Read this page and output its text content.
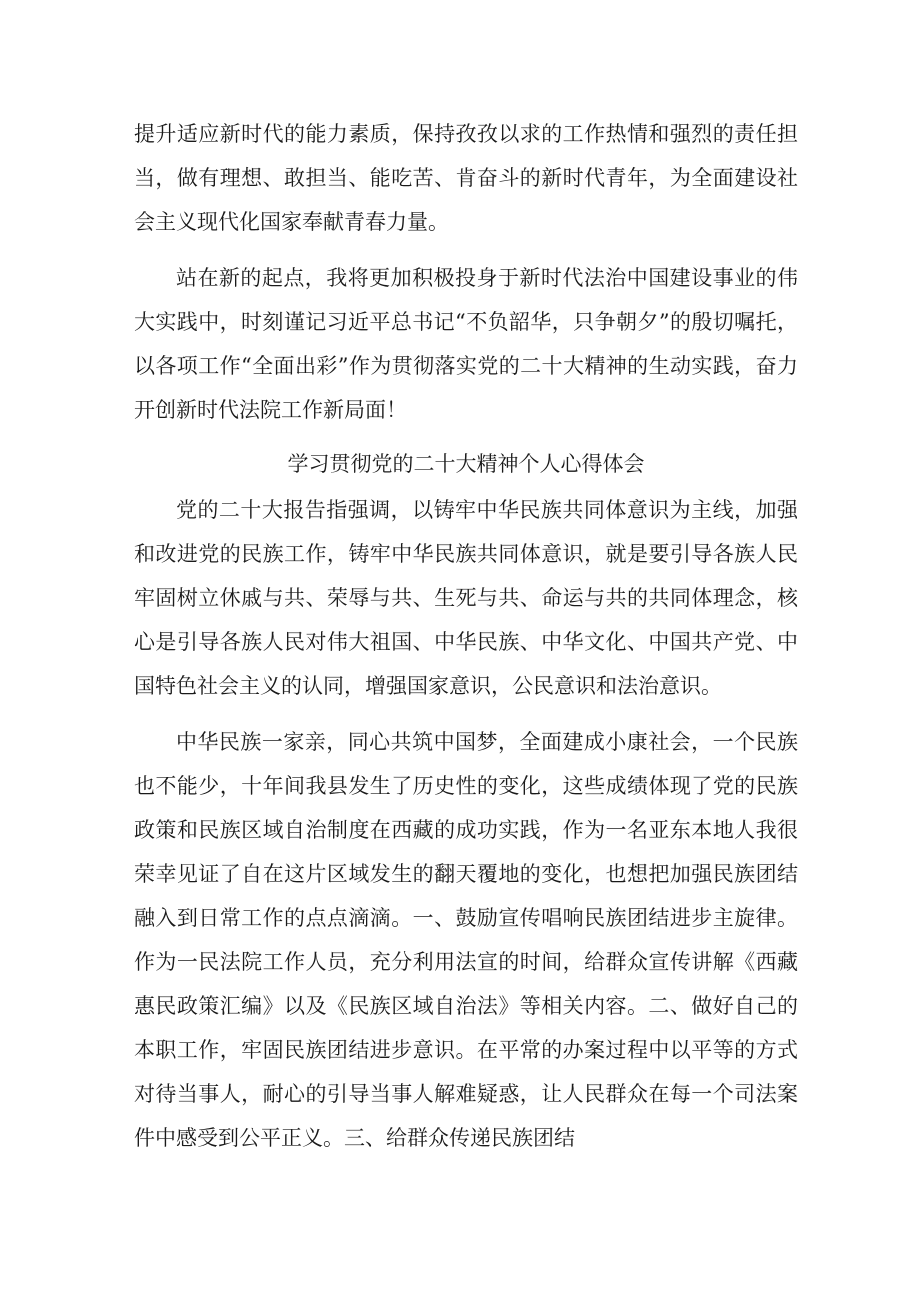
提升适应新时代的能力素质，保持孜孜以求的工作热情和强烈的责任担当，做有理想、敢担当、能吃苦、肯奋斗的新时代青年，为全面建设社会主义现代化国家奉献青春力量。

站在新的起点，我将更加积极投身于新时代法治中国建设事业的伟大实践中，时刻谨记习近平总书记“不负韶华，只争朝夕”的殷切嘱托，以各项工作“全面出彩”作为贯彻落实党的二十大精神的生动实践，奋力开创新时代法院工作新局面！

学习贯彻党的二十大精神个人心得体会

党的二十大报告指强调，以铸牢中华民族共同体意识为主线，加强和改进党的民族工作，铸牢中华民族共同体意识，就是要引导各族人民牢固树立休戚与共、荣辱与共、生死与共、命运与共的共同体理念，核心是引导各族人民对伟大祖国、中华民族、中华文化、中国共产党、中国特色社会主义的认同，增强国家意识，公民意识和法治意识。

中华民族一家亲，同心共筑中国梦，全面建成小康社会，一个民族也不能少，十年间我县发生了历史性的变化，这些成绩体现了党的民族政策和民族区域自治制度在西藏的成功实践，作为一名亚东本地人我很荣幸见证了自在这片区域发生的翻天覆地的变化，也想把加强民族团结融入到日常工作的点点滴滴。一、鼓励宣传唱响民族团结进步主旋律。作为一民法院工作人员，充分利用法宣的时间，给群众宣传讲解《西藏惠民政策汇编》以及《民族区域自治法》等相关内容。二、做好自己的本职工作，牢固民族团结进步意识。在平常的办案过程中以平等的方式对待当事人，耐心的引导当事人解难疑惑，让人民群众在每一个司法案件中感受到公平正义。三、给群众传递民族团结
